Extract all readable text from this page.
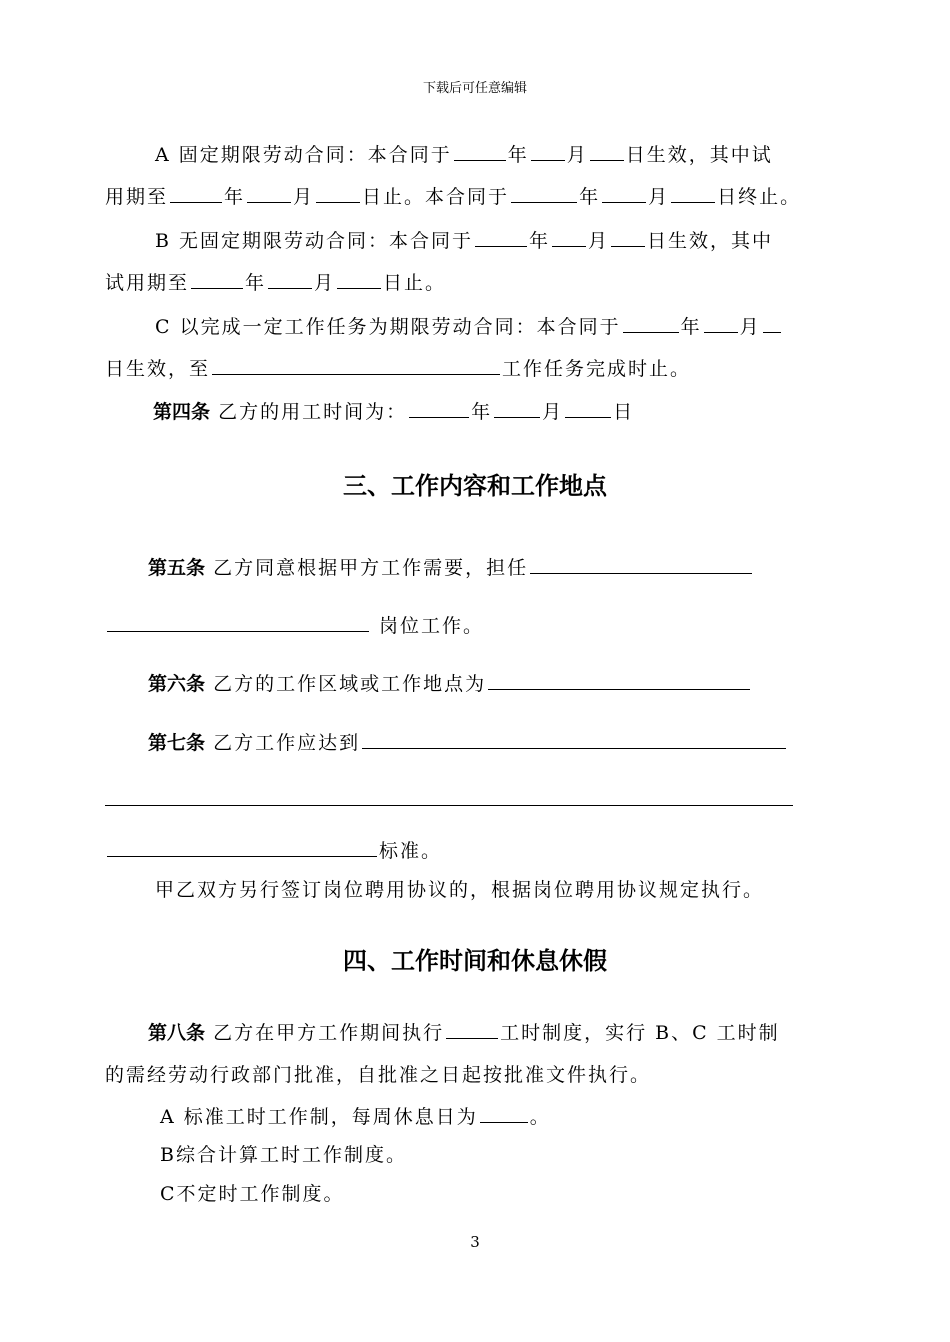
下载后可任意编辑
A 固定期限劳动合同：本合同于	年 月 日生效，其中试
用期至	年	月	日止。本合同于	年	月	日终止。
B 无固定期限劳动合同：本合同于	年 月 日生效，其中
试用期至	年	月	日止。
C 以完成一定工作任务为期限劳动合同：本合同于	年 月
日生效，至	工作任务完成时止。
第四条 乙方的用工时间为：	年	月	日
三、工作内容和工作地点
第五条 乙方同意根据甲方工作需要，担任
岗位工作。
第六条 乙方的工作区域或工作地点为
第七条 乙方工作应达到
标准。
甲乙双方另行签订岗位聘用协议的，根据岗位聘用协议规定执行。
四、工作时间和休息休假
第八条 乙方在甲方工作期间执行	工时制度，实行 B、C 工时制
的需经劳动行政部门批准，自批准之日起按批准文件执行。
A 标准工时工作制，每周休息日为	。
B综合计算工时工作制度。
C不定时工作制度。
3
